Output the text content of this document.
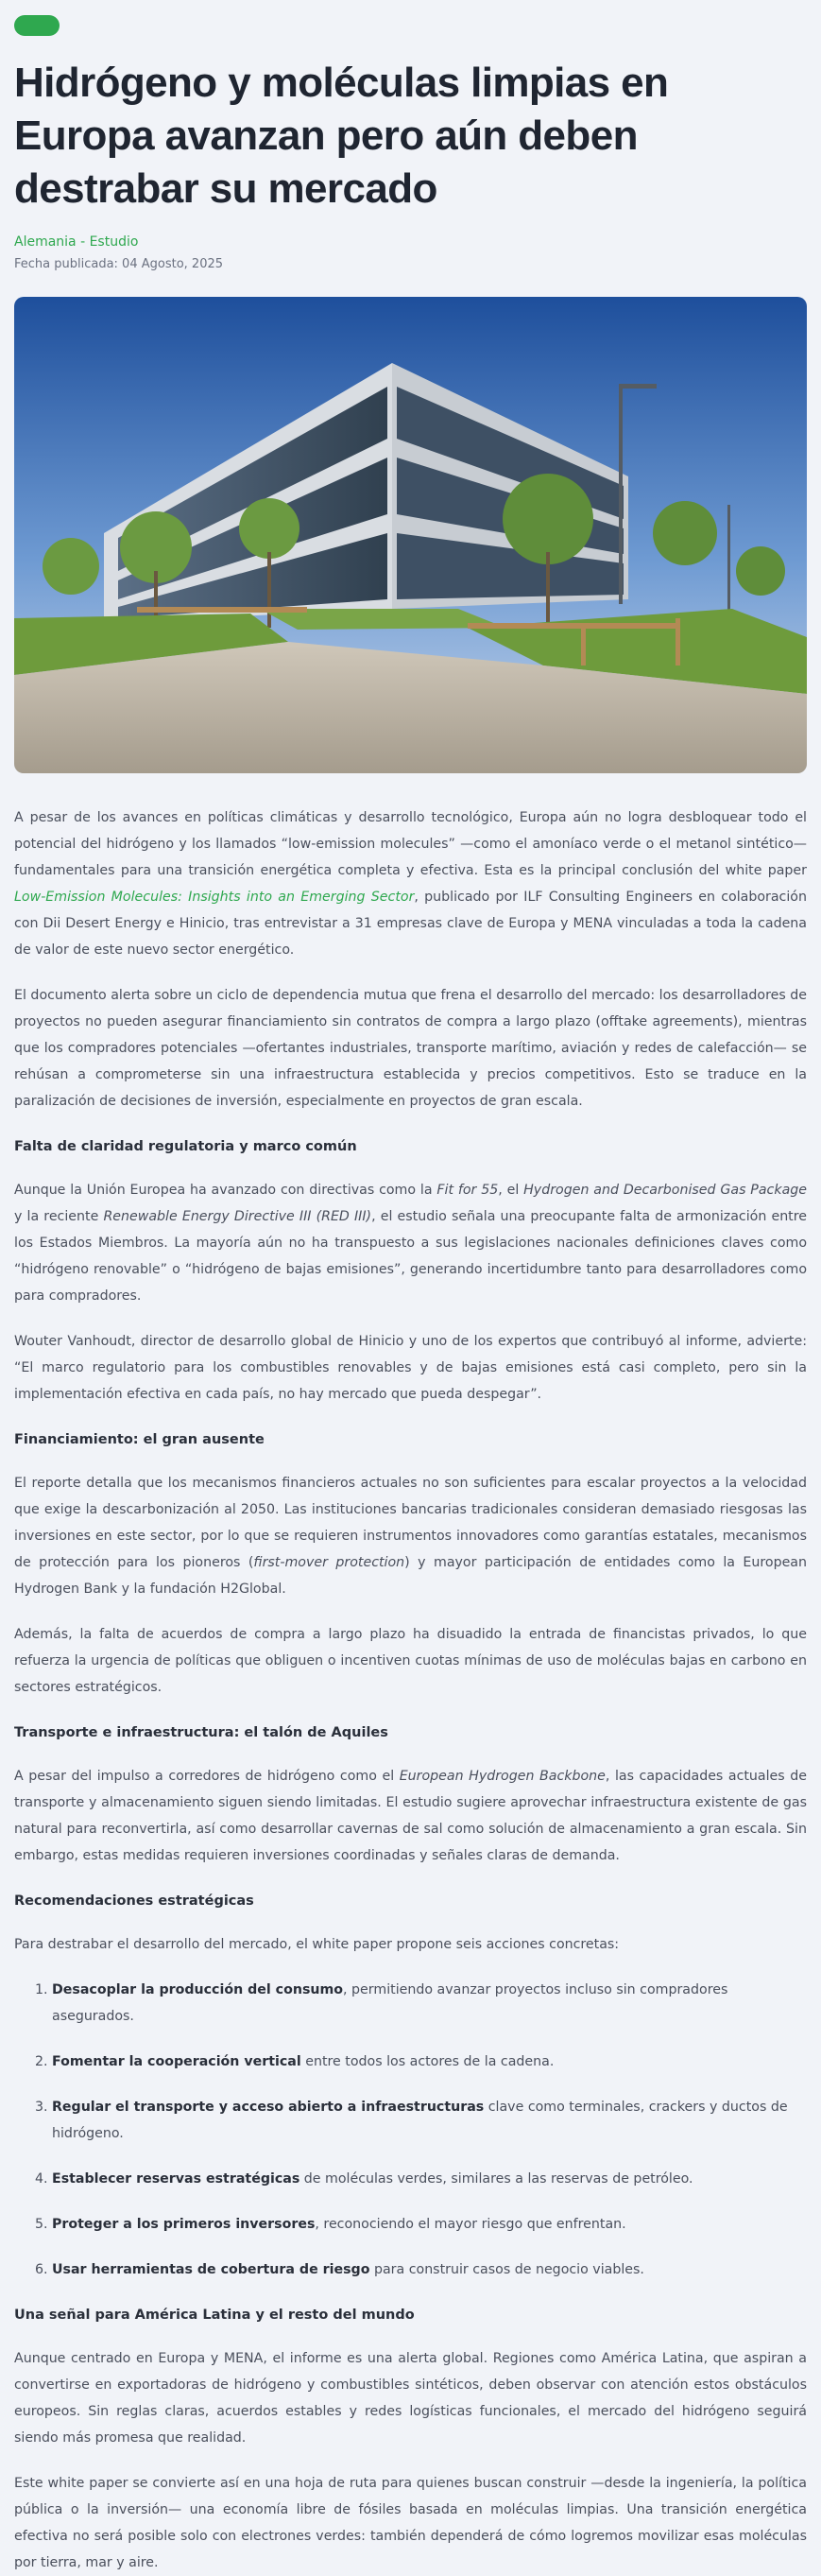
Hidrógeno y moléculas limpias en Europa avanzan pero aún deben destrabar su mercado
Alemania - Estudio
Fecha publicada: 04 Agosto, 2025

A pesar de los avances en políticas climáticas y desarrollo tecnológico, Europa aún no logra desbloquear todo el potencial del hidrógeno y los llamados “low-emission molecules” —como el amoníaco verde o el metanol sintético— fundamentales para una transición energética completa y efectiva. Esta es la principal conclusión del white paper Low-Emission Molecules: Insights into an Emerging Sector, publicado por ILF Consulting Engineers en colaboración con Dii Desert Energy e Hinicio, tras entrevistar a 31 empresas clave de Europa y MENA vinculadas a toda la cadena de valor de este nuevo sector energético.

El documento alerta sobre un ciclo de dependencia mutua que frena el desarrollo del mercado: los desarrolladores de proyectos no pueden asegurar financiamiento sin contratos de compra a largo plazo (offtake agreements), mientras que los compradores potenciales —ofertantes industriales, transporte marítimo, aviación y redes de calefacción— se rehúsan a comprometerse sin una infraestructura establecida y precios competitivos. Esto se traduce en la paralización de decisiones de inversión, especialmente en proyectos de gran escala.

Falta de claridad regulatoria y marco común

Aunque la Unión Europea ha avanzado con directivas como la Fit for 55, el Hydrogen and Decarbonised Gas Package y la reciente Renewable Energy Directive III (RED III), el estudio señala una preocupante falta de armonización entre los Estados Miembros. La mayoría aún no ha transpuesto a sus legislaciones nacionales definiciones claves como “hidrógeno renovable” o “hidrógeno de bajas emisiones”, generando incertidumbre tanto para desarrolladores como para compradores.

Wouter Vanhoudt, director de desarrollo global de Hinicio y uno de los expertos que contribuyó al informe, advierte: “El marco regulatorio para los combustibles renovables y de bajas emisiones está casi completo, pero sin la implementación efectiva en cada país, no hay mercado que pueda despegar”.

Financiamiento: el gran ausente

El reporte detalla que los mecanismos financieros actuales no son suficientes para escalar proyectos a la velocidad que exige la descarbonización al 2050. Las instituciones bancarias tradicionales consideran demasiado riesgosas las inversiones en este sector, por lo que se requieren instrumentos innovadores como garantías estatales, mecanismos de protección para los pioneros (first-mover protection) y mayor participación de entidades como la European Hydrogen Bank y la fundación H2Global.

Además, la falta de acuerdos de compra a largo plazo ha disuadido la entrada de financistas privados, lo que refuerza la urgencia de políticas que obliguen o incentiven cuotas mínimas de uso de moléculas bajas en carbono en sectores estratégicos.

Transporte e infraestructura: el talón de Aquiles

A pesar del impulso a corredores de hidrógeno como el European Hydrogen Backbone, las capacidades actuales de transporte y almacenamiento siguen siendo limitadas. El estudio sugiere aprovechar infraestructura existente de gas natural para reconvertirla, así como desarrollar cavernas de sal como solución de almacenamiento a gran escala. Sin embargo, estas medidas requieren inversiones coordinadas y señales claras de demanda.

Recomendaciones estratégicas

Para destrabar el desarrollo del mercado, el white paper propone seis acciones concretas:

1. Desacoplar la producción del consumo, permitiendo avanzar proyectos incluso sin compradores asegurados.
2. Fomentar la cooperación vertical entre todos los actores de la cadena.
3. Regular el transporte y acceso abierto a infraestructuras clave como terminales, crackers y ductos de hidrógeno.
4. Establecer reservas estratégicas de moléculas verdes, similares a las reservas de petróleo.
5. Proteger a los primeros inversores, reconociendo el mayor riesgo que enfrentan.
6. Usar herramientas de cobertura de riesgo para construir casos de negocio viables.
Una señal para América Latina y el resto del mundo

Aunque centrado en Europa y MENA, el informe es una alerta global. Regiones como América Latina, que aspiran a convertirse en exportadoras de hidrógeno y combustibles sintéticos, deben observar con atención estos obstáculos europeos. Sin reglas claras, acuerdos estables y redes logísticas funcionales, el mercado del hidrógeno seguirá siendo más promesa que realidad.

Este white paper se convierte así en una hoja de ruta para quienes buscan construir —desde la ingeniería, la política pública o la inversión— una economía libre de fósiles basada en moléculas limpias. Una transición energética efectiva no será posible solo con electrones verdes: también dependerá de cómo logremos movilizar esas moléculas por tierra, mar y aire.
